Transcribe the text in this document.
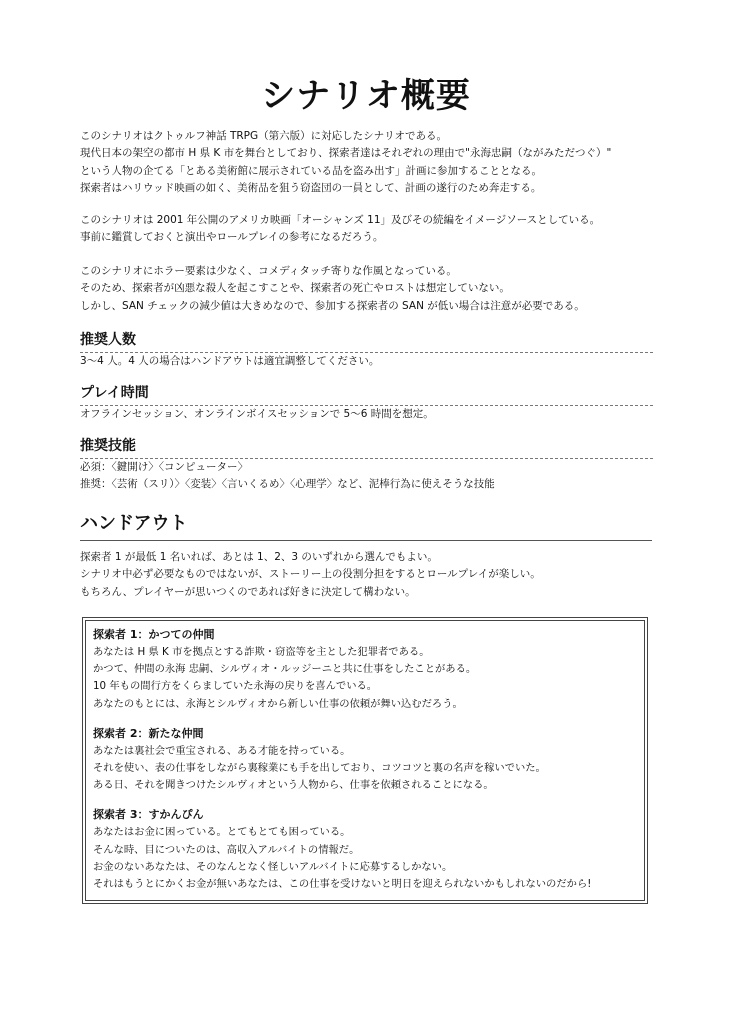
シナリオ概要

このシナリオはクトゥルフ神話 TRPG（第六版）に対応したシナリオである。

現代日本の架空の都市 H 県 K 市を舞台としており、探索者達はそれぞれの理由で"永海忠嗣（ながみただつぐ）"

という人物の企てる「とある美術館に展示されている品を盗み出す」計画に参加することとなる。

探索者はハリウッド映画の如く、美術品を狙う窃盗団の一員として、計画の遂行のため奔走する。

このシナリオは 2001 年公開のアメリカ映画「オーシャンズ 11」及びその続編をイメージソースとしている。

事前に鑑賞しておくと演出やロールプレイの参考になるだろう。

このシナリオにホラー要素は少なく、コメディタッチ寄りな作風となっている。

そのため、探索者が凶悪な殺人を起こすことや、探索者の死亡やロストは想定していない。

しかし、SAN チェックの減少値は大きめなので、参加する探索者の SAN が低い場合は注意が必要である。

推奨人数

3～4 人。4 人の場合はハンドアウトは適宜調整してください。

プレイ時間

オフラインセッション、オンラインボイスセッションで 5～6 時間を想定。

推奨技能

必須：〈鍵開け〉〈コンピューター〉

推奨：〈芸術（スリ）〉〈変装〉〈言いくるめ〉〈心理学〉など、泥棒行為に使えそうな技能

ハンドアウト

探索者 1 が最低 1 名いれば、あとは 1、2、3 のいずれから選んでもよい。

シナリオ中必ず必要なものではないが、ストーリー上の役割分担をするとロールプレイが楽しい。

もちろん、プレイヤーが思いつくのであれば好きに決定して構わない。

探索者 1：かつての仲間

あなたは H 県 K 市を拠点とする詐欺・窃盗等を主とした犯罪者である。

かつて、仲間の永海 忠嗣、シルヴィオ・ルッジーニと共に仕事をしたことがある。

10 年もの間行方をくらましていた永海の戻りを喜んでいる。

あなたのもとには、永海とシルヴィオから新しい仕事の依頼が舞い込むだろう。

探索者 2：新たな仲間

あなたは裏社会で重宝される、ある才能を持っている。

それを使い、表の仕事をしながら裏稼業にも手を出しており、コツコツと裏の名声を稼いでいた。

ある日、それを聞きつけたシルヴィオという人物から、仕事を依頼されることになる。

探索者 3：すかんぴん

あなたはお金に困っている。とてもとても困っている。

そんな時、目についたのは、高収入アルバイトの情報だ。

お金のないあなたは、そのなんとなく怪しいアルバイトに応募するしかない。

それはもうとにかくお金が無いあなたは、この仕事を受けないと明日を迎えられないかもしれないのだから!
